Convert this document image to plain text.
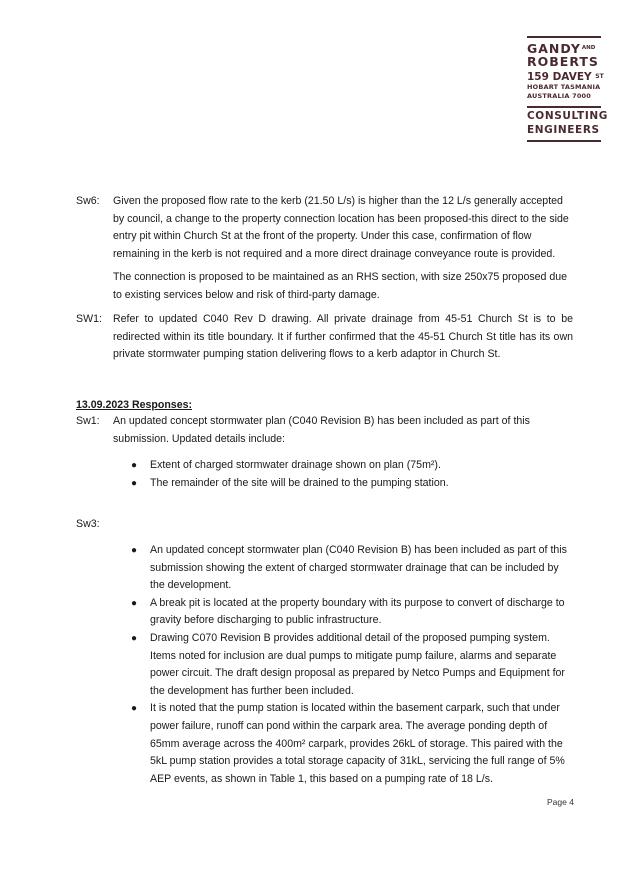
$GANDY^{AND}$
ROBERTS
159 DAVEY $^{ST}$
HOBART TASMANIA
AUSTRALIA 7000
CONSULTING
ENGINEERS
Sw6: Given the proposed flow rate to the kerb (21.50 L/s) is higher than the 12 L/s generally accepted by council, a change to the property connection location has been proposed-this direct to the side entry pit within Church St at the front of the property. Under this case, confirmation of flow remaining in the kerb is not required and a more direct drainage conveyance route is provided.
The connection is proposed to be maintained as an RHS section, with size 250x75 proposed due to existing services below and risk of third-party damage.
SW1: Refer to updated C040 Rev D drawing. All private drainage from 45-51 Church St is to be redirected within its title boundary. It if further confirmed that the 45-51 Church St title has its own private stormwater pumping station delivering flows to a kerb adaptor in Church St.
13.09.2023 Responses:
Sw1: An updated concept stormwater plan (C040 Revision B) has been included as part of this submission. Updated details include:
● Extent of charged stormwater drainage shown on plan (75m²).
● The remainder of the site will be drained to the pumping station.
Sw3:
● An updated concept stormwater plan (C040 Revision B) has been included as part of this submission showing the extent of charged stormwater drainage that can be included by the development.
● A break pit is located at the property boundary with its purpose to convert of discharge to gravity before discharging to public infrastructure.
● Drawing C070 Revision B provides additional detail of the proposed pumping system. Items noted for inclusion are dual pumps to mitigate pump failure, alarms and separate power circuit. The draft design proposal as prepared by Netco Pumps and Equipment for the development has further been included.
● It is noted that the pump station is located within the basement carpark, such that under power failure, runoff can pond within the carpark area. The average ponding depth of 65mm average across the 400m² carpark, provides 26kL of storage. This paired with the 5kL pump station provides a total storage capacity of 31kL, servicing the full range of 5% AEP events, as shown in Table 1, this based on a pumping rate of 18 L/s.
Page 4
